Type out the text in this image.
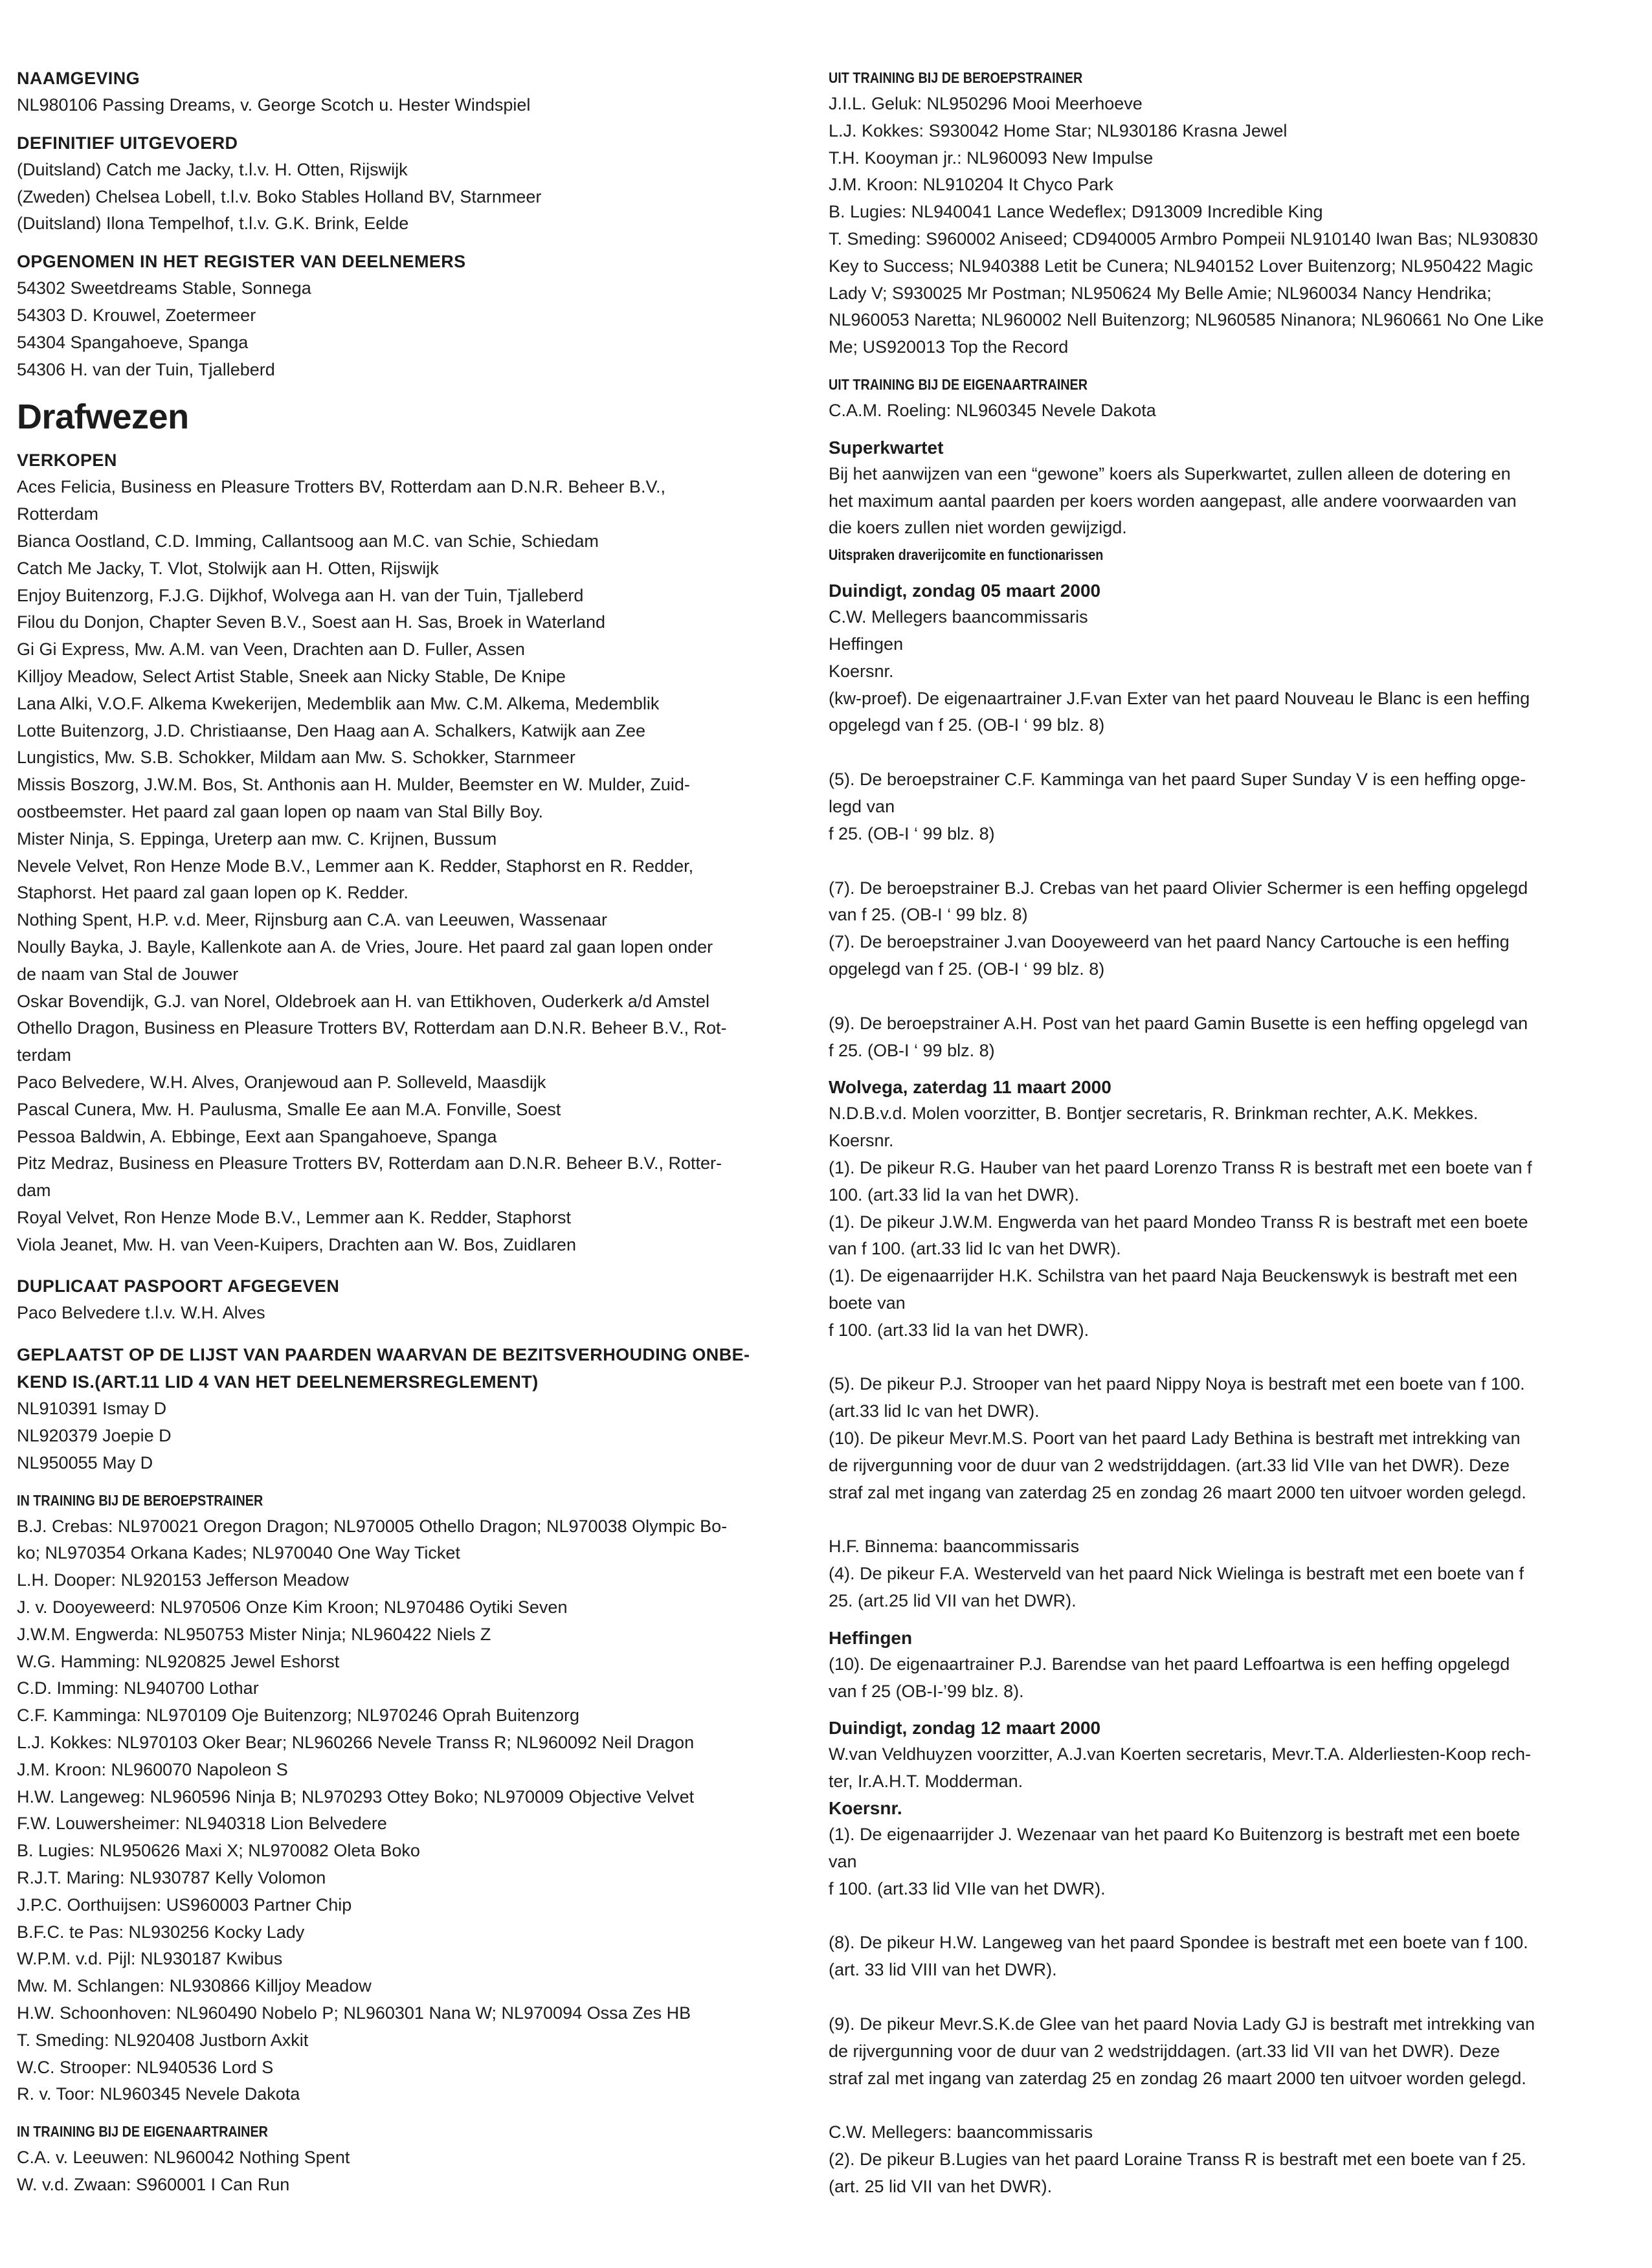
NAAMGEVING
NL980106 Passing Dreams, v. George Scotch u. Hester Windspiel
DEFINITIEF UITGEVOERD
(Duitsland) Catch me Jacky, t.l.v. H. Otten, Rijswijk
(Zweden) Chelsea Lobell, t.l.v. Boko Stables Holland BV, Starnmeer
(Duitsland) Ilona Tempelhof, t.l.v. G.K. Brink, Eelde
OPGENOMEN IN HET REGISTER VAN DEELNEMERS
54302 Sweetdreams Stable, Sonnega
54303 D. Krouwel, Zoetermeer
54304 Spangahoeve, Spanga
54306 H. van der Tuin, Tjalleberd
Drafwezen
VERKOPEN
Aces Felicia, Business en Pleasure Trotters BV, Rotterdam aan D.N.R. Beheer B.V.,
Rotterdam
Bianca Oostland, C.D. Imming, Callantsoog aan M.C. van Schie, Schiedam
Catch Me Jacky, T. Vlot, Stolwijk aan H. Otten, Rijswijk
Enjoy Buitenzorg, F.J.G. Dijkhof, Wolvega aan H. van der Tuin, Tjalleberd
Filou du Donjon, Chapter Seven B.V., Soest aan H. Sas, Broek in Waterland
Gi Gi Express, Mw. A.M. van Veen, Drachten aan D. Fuller, Assen
Killjoy Meadow, Select Artist Stable, Sneek aan Nicky Stable, De Knipe
Lana Alki, V.O.F. Alkema Kwekerijen, Medemblik aan Mw. C.M. Alkema, Medemblik
Lotte Buitenzorg, J.D. Christiaanse, Den Haag aan A. Schalkers, Katwijk aan Zee
Lungistics, Mw. S.B. Schokker, Mildam aan Mw. S. Schokker, Starnmeer
Missis Boszorg, J.W.M. Bos, St. Anthonis aan H. Mulder, Beemster en W. Mulder, Zuid-
oostbeemster. Het paard zal gaan lopen op naam van Stal Billy Boy.
Mister Ninja, S. Eppinga, Ureterp aan mw. C. Krijnen, Bussum
Nevele Velvet, Ron Henze Mode B.V., Lemmer aan K. Redder, Staphorst en R. Redder,
Staphorst. Het paard zal gaan lopen op K. Redder.
Nothing Spent, H.P. v.d. Meer, Rijnsburg aan C.A. van Leeuwen, Wassenaar
Noully Bayka, J. Bayle, Kallenkote aan A. de Vries, Joure. Het paard zal gaan lopen onder
de naam van Stal de Jouwer
Oskar Bovendijk, G.J. van Norel, Oldebroek aan H. van Ettikhoven, Ouderkerk a/d Amstel
Othello Dragon, Business en Pleasure Trotters BV, Rotterdam aan D.N.R. Beheer B.V., Rot-
terdam
Paco Belvedere, W.H. Alves, Oranjewoud aan P. Solleveld, Maasdijk
Pascal Cunera, Mw. H. Paulusma, Smalle Ee aan M.A. Fonville, Soest
Pessoa Baldwin, A. Ebbinge, Eext aan Spangahoeve, Spanga
Pitz Medraz, Business en Pleasure Trotters BV, Rotterdam aan D.N.R. Beheer B.V., Rotter-
dam
Royal Velvet, Ron Henze Mode B.V., Lemmer aan K. Redder, Staphorst
Viola Jeanet, Mw. H. van Veen-Kuipers, Drachten aan W. Bos, Zuidlaren
DUPLICAAT PASPOORT AFGEGEVEN
Paco Belvedere t.l.v. W.H. Alves
GEPLAATST OP DE LIJST VAN PAARDEN WAARVAN DE BEZITSVERHOUDING ONBE-
KEND IS.(ART.11 LID 4 VAN HET DEELNEMERSREGLEMENT)
NL910391 Ismay D
NL920379 Joepie D
NL950055 May D
IN TRAINING BIJ DE BEROEPSTRAINER
B.J. Crebas: NL970021 Oregon Dragon; NL970005 Othello Dragon; NL970038 Olympic Bo-
ko; NL970354 Orkana Kades; NL970040 One Way Ticket
L.H. Dooper: NL920153 Jefferson Meadow
J. v. Dooyeweerd: NL970506 Onze Kim Kroon; NL970486 Oytiki Seven
J.W.M. Engwerda: NL950753 Mister Ninja; NL960422 Niels Z
W.G. Hamming: NL920825 Jewel Eshorst
C.D. Imming: NL940700 Lothar
C.F. Kamminga: NL970109 Oje Buitenzorg; NL970246 Oprah Buitenzorg
L.J. Kokkes: NL970103 Oker Bear; NL960266 Nevele Transs R; NL960092 Neil Dragon
J.M. Kroon: NL960070 Napoleon S
H.W. Langeweg: NL960596 Ninja B; NL970293 Ottey Boko; NL970009 Objective Velvet
F.W. Louwersheimer: NL940318 Lion Belvedere
B. Lugies: NL950626 Maxi X; NL970082 Oleta Boko
R.J.T. Maring: NL930787 Kelly Volomon
J.P.C. Oorthuijsen: US960003 Partner Chip
B.F.C. te Pas: NL930256 Kocky Lady
W.P.M. v.d. Pijl: NL930187 Kwibus
Mw. M. Schlangen: NL930866 Killjoy Meadow
H.W. Schoonhoven: NL960490 Nobelo P; NL960301 Nana W; NL970094 Ossa Zes HB
T. Smeding: NL920408 Justborn Axkit
W.C. Strooper: NL940536 Lord S
R. v. Toor: NL960345 Nevele Dakota
IN TRAINING BIJ DE EIGENAARTRAINER
C.A. v. Leeuwen: NL960042 Nothing Spent
W. v.d. Zwaan: S960001 I Can Run
UIT TRAINING BIJ DE BEROEPSTRAINER
J.I.L. Geluk: NL950296 Mooi Meerhoeve
L.J. Kokkes: S930042 Home Star; NL930186 Krasna Jewel
T.H. Kooyman jr.: NL960093 New Impulse
J.M. Kroon: NL910204 It Chyco Park
B. Lugies: NL940041 Lance Wedeflex; D913009 Incredible King
T. Smeding: S960002 Aniseed; CD940005 Armbro Pompeii NL910140 Iwan Bas; NL930830
Key to Success; NL940388 Letit be Cunera; NL940152 Lover Buitenzorg; NL950422 Magic
Lady V; S930025 Mr Postman; NL950624 My Belle Amie; NL960034 Nancy Hendrika;
NL960053 Naretta; NL960002 Nell Buitenzorg; NL960585 Ninanora; NL960661 No One Like
Me; US920013 Top the Record
UIT TRAINING BIJ DE EIGENAARTRAINER
C.A.M. Roeling: NL960345 Nevele Dakota
Superkwartet
Bij het aanwijzen van een “gewone” koers als Superkwartet, zullen alleen de dotering en
het maximum aantal paarden per koers worden aangepast, alle andere voorwaarden van
die koers zullen niet worden gewijzigd.
Uitspraken draverijcomite en functionarissen
Duindigt, zondag 05 maart 2000
C.W. Mellegers baancommissaris
Heffingen
Koersnr.
(kw-proef). De eigenaartrainer J.F.van Exter van het paard Nouveau le Blanc is een heffing
opgelegd van f 25. (OB-I ‘ 99 blz. 8)
(5). De beroepstrainer C.F. Kamminga van het paard Super Sunday V is een heffing opge-
legd van
f 25. (OB-I ‘ 99 blz. 8)
(7). De beroepstrainer B.J. Crebas van het paard Olivier Schermer is een heffing opgelegd
van f 25. (OB-I ‘ 99 blz. 8)
(7). De beroepstrainer J.van Dooyeweerd van het paard Nancy Cartouche is een heffing
opgelegd van f 25. (OB-I ‘ 99 blz. 8)
(9). De beroepstrainer A.H. Post van het paard Gamin Busette is een heffing opgelegd van
f 25. (OB-I ‘ 99 blz. 8)
Wolvega, zaterdag 11 maart 2000
N.D.B.v.d. Molen voorzitter, B. Bontjer secretaris, R. Brinkman rechter, A.K. Mekkes.
Koersnr.
(1). De pikeur R.G. Hauber van het paard Lorenzo Transs R is bestraft met een boete van f
100. (art.33 lid Ia van het DWR).
(1). De pikeur J.W.M. Engwerda van het paard Mondeo Transs R is bestraft met een boete
van f 100. (art.33 lid Ic van het DWR).
(1). De eigenaarrijder H.K. Schilstra van het paard Naja Beuckenswyk is bestraft met een
boete van
f 100. (art.33 lid Ia van het DWR).
(5). De pikeur P.J. Strooper van het paard Nippy Noya is bestraft met een boete van f 100.
(art.33 lid Ic van het DWR).
(10). De pikeur Mevr.M.S. Poort van het paard Lady Bethina is bestraft met intrekking van
de rijvergunning voor de duur van 2 wedstrijddagen. (art.33 lid VIIe van het DWR). Deze
straf zal met ingang van zaterdag 25 en zondag 26 maart 2000 ten uitvoer worden gelegd.
H.F. Binnema: baancommissaris
(4). De pikeur F.A. Westerveld van het paard Nick Wielinga is bestraft met een boete van f
25. (art.25 lid VII van het DWR).
Heffingen
(10). De eigenaartrainer P.J. Barendse van het paard Leffoartwa is een heffing opgelegd
van f 25 (OB-I-’99 blz. 8).
Duindigt, zondag 12 maart 2000
W.van Veldhuyzen voorzitter, A.J.van Koerten secretaris, Mevr.T.A. Alderliesten-Koop rech-
ter, Ir.A.H.T. Modderman.
Koersnr.
(1). De eigenaarrijder J. Wezenaar van het paard Ko Buitenzorg is bestraft met een boete
van
f 100. (art.33 lid VIIe van het DWR).
(8). De pikeur H.W. Langeweg van het paard Spondee is bestraft met een boete van f 100.
(art. 33 lid VIII van het DWR).
(9). De pikeur Mevr.S.K.de Glee van het paard Novia Lady GJ is bestraft met intrekking van
de rijvergunning voor de duur van 2 wedstrijddagen. (art.33 lid VII van het DWR). Deze
straf zal met ingang van zaterdag 25 en zondag 26 maart 2000 ten uitvoer worden gelegd.
C.W. Mellegers: baancommissaris
(2). De pikeur B.Lugies van het paard Loraine Transs R is bestraft met een boete van f 25.
(art. 25 lid VII van het DWR).
